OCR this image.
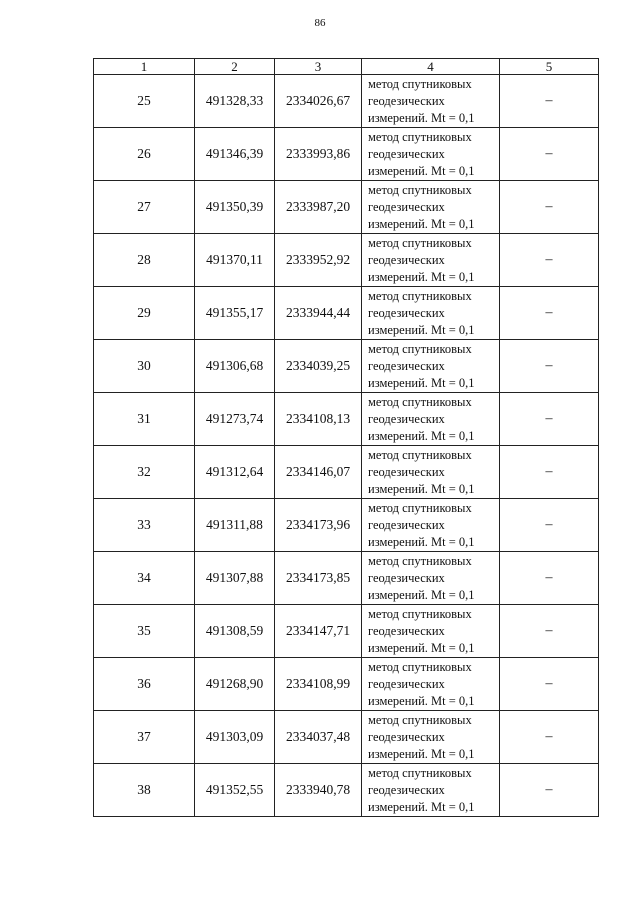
86
1	2	3	4	5
25	491328,33	2334026,67	метод спутниковых
геодезических
измерений. Mt = 0,1	–
26	491346,39	2333993,86	метод спутниковых
геодезических
измерений. Mt = 0,1	–
27	491350,39	2333987,20	метод спутниковых
геодезических
измерений. Mt = 0,1	–
28	491370,11	2333952,92	метод спутниковых
геодезических
измерений. Mt = 0,1	–
29	491355,17	2333944,44	метод спутниковых
геодезических
измерений. Mt = 0,1	–
30	491306,68	2334039,25	метод спутниковых
геодезических
измерений. Mt = 0,1	–
31	491273,74	2334108,13	метод спутниковых
геодезических
измерений. Mt = 0,1	–
32	491312,64	2334146,07	метод спутниковых
геодезических
измерений. Mt = 0,1	–
33	491311,88	2334173,96	метод спутниковых
геодезических
измерений. Mt = 0,1	–
34	491307,88	2334173,85	метод спутниковых
геодезических
измерений. Mt = 0,1	–
35	491308,59	2334147,71	метод спутниковых
геодезических
измерений. Mt = 0,1	–
36	491268,90	2334108,99	метод спутниковых
геодезических
измерений. Mt = 0,1	–
37	491303,09	2334037,48	метод спутниковых
геодезических
измерений. Mt = 0,1	–
38	491352,55	2333940,78	метод спутниковых
геодезических
измерений. Mt = 0,1	–
